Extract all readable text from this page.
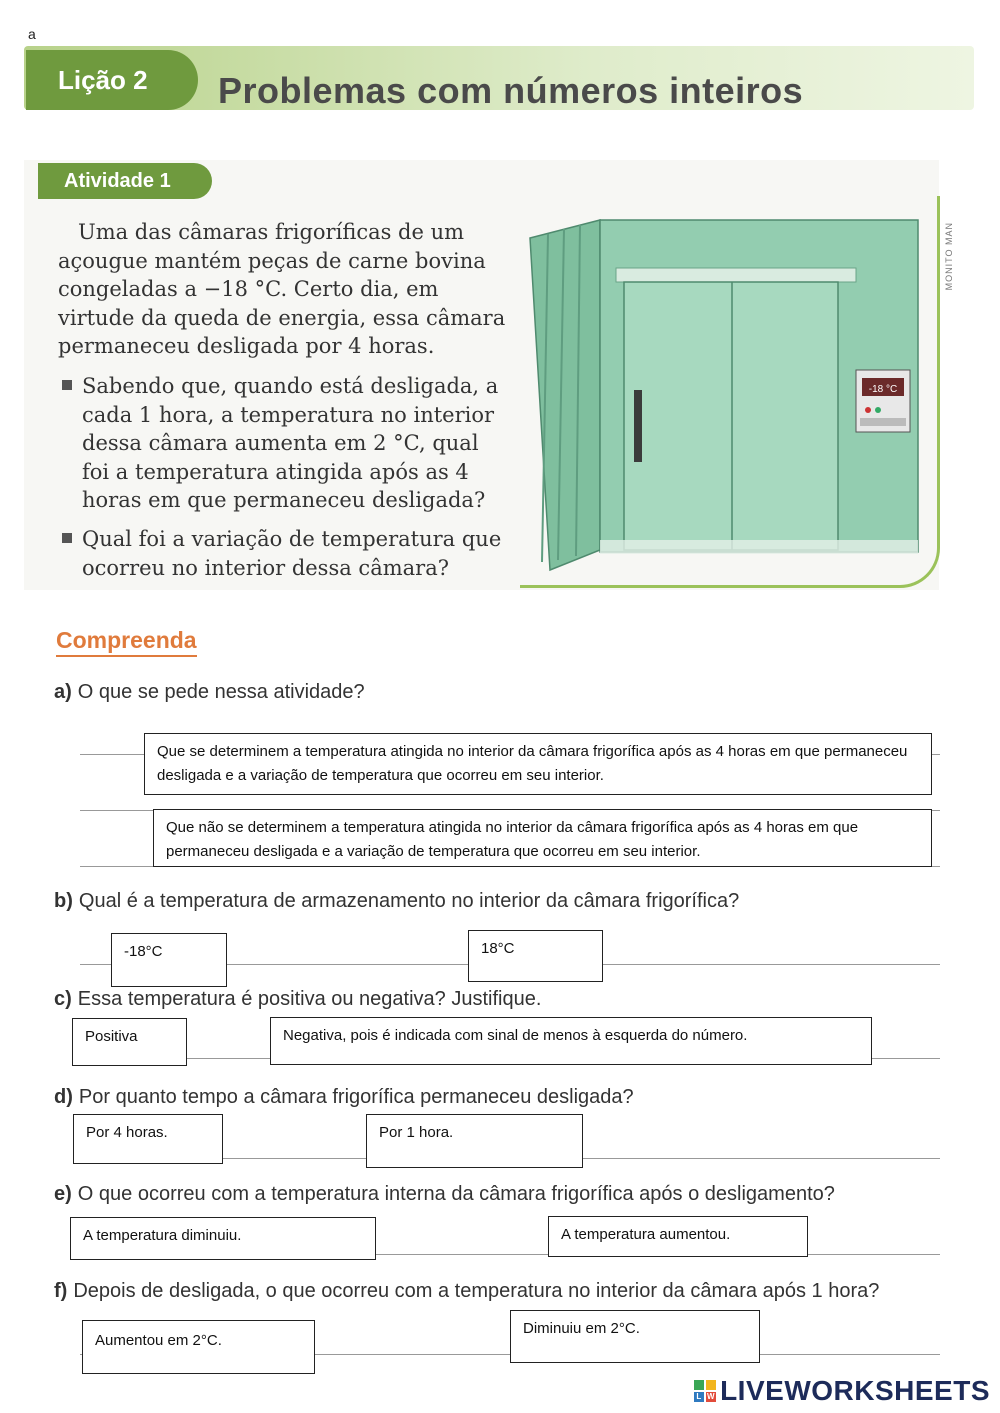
a
Lição 2	Problemas com números inteiros
Atividade 1
Uma das câmaras frigoríficas de um açougue mantém peças de carne bovina congeladas a −18 °C. Certo dia, em virtude da queda de energia, essa câmara permaneceu desligada por 4 horas.
Sabendo que, quando está desligada, a cada 1 hora, a temperatura no interior dessa câmara aumenta em 2 °C, qual foi a temperatura atingida após as 4 horas em que permaneceu desligada?
Qual foi a variação de temperatura que ocorreu no interior dessa câmara?
-18 °C
MONITO MAN
Compreenda
a) O que se pede nessa atividade?
Que se determinem a temperatura atingida no interior da câmara frigorífica após as 4 horas em que permaneceu desligada e a variação de temperatura que ocorreu em seu interior.
Que não se determinem a temperatura atingida no interior da câmara frigorífica após as 4 horas em que permaneceu desligada e a variação de temperatura que ocorreu em seu interior.
b) Qual é a temperatura de armazenamento no interior da câmara frigorífica?
-18°C	18°C
c) Essa temperatura é positiva ou negativa? Justifique.
Positiva	Negativa, pois é indicada com sinal de menos à esquerda do número.
d) Por quanto tempo a câmara frigorífica permaneceu desligada?
Por 4 horas.	Por 1 hora.
e) O que ocorreu com a temperatura interna da câmara frigorífica após o desligamento?
A temperatura diminuiu.	A temperatura aumentou.
f) Depois de desligada, o que ocorreu com a temperatura no interior da câmara após 1 hora?
Aumentou em 2°C.
Diminuiu em 2°C.
L W LIVEWORKSHEETS
